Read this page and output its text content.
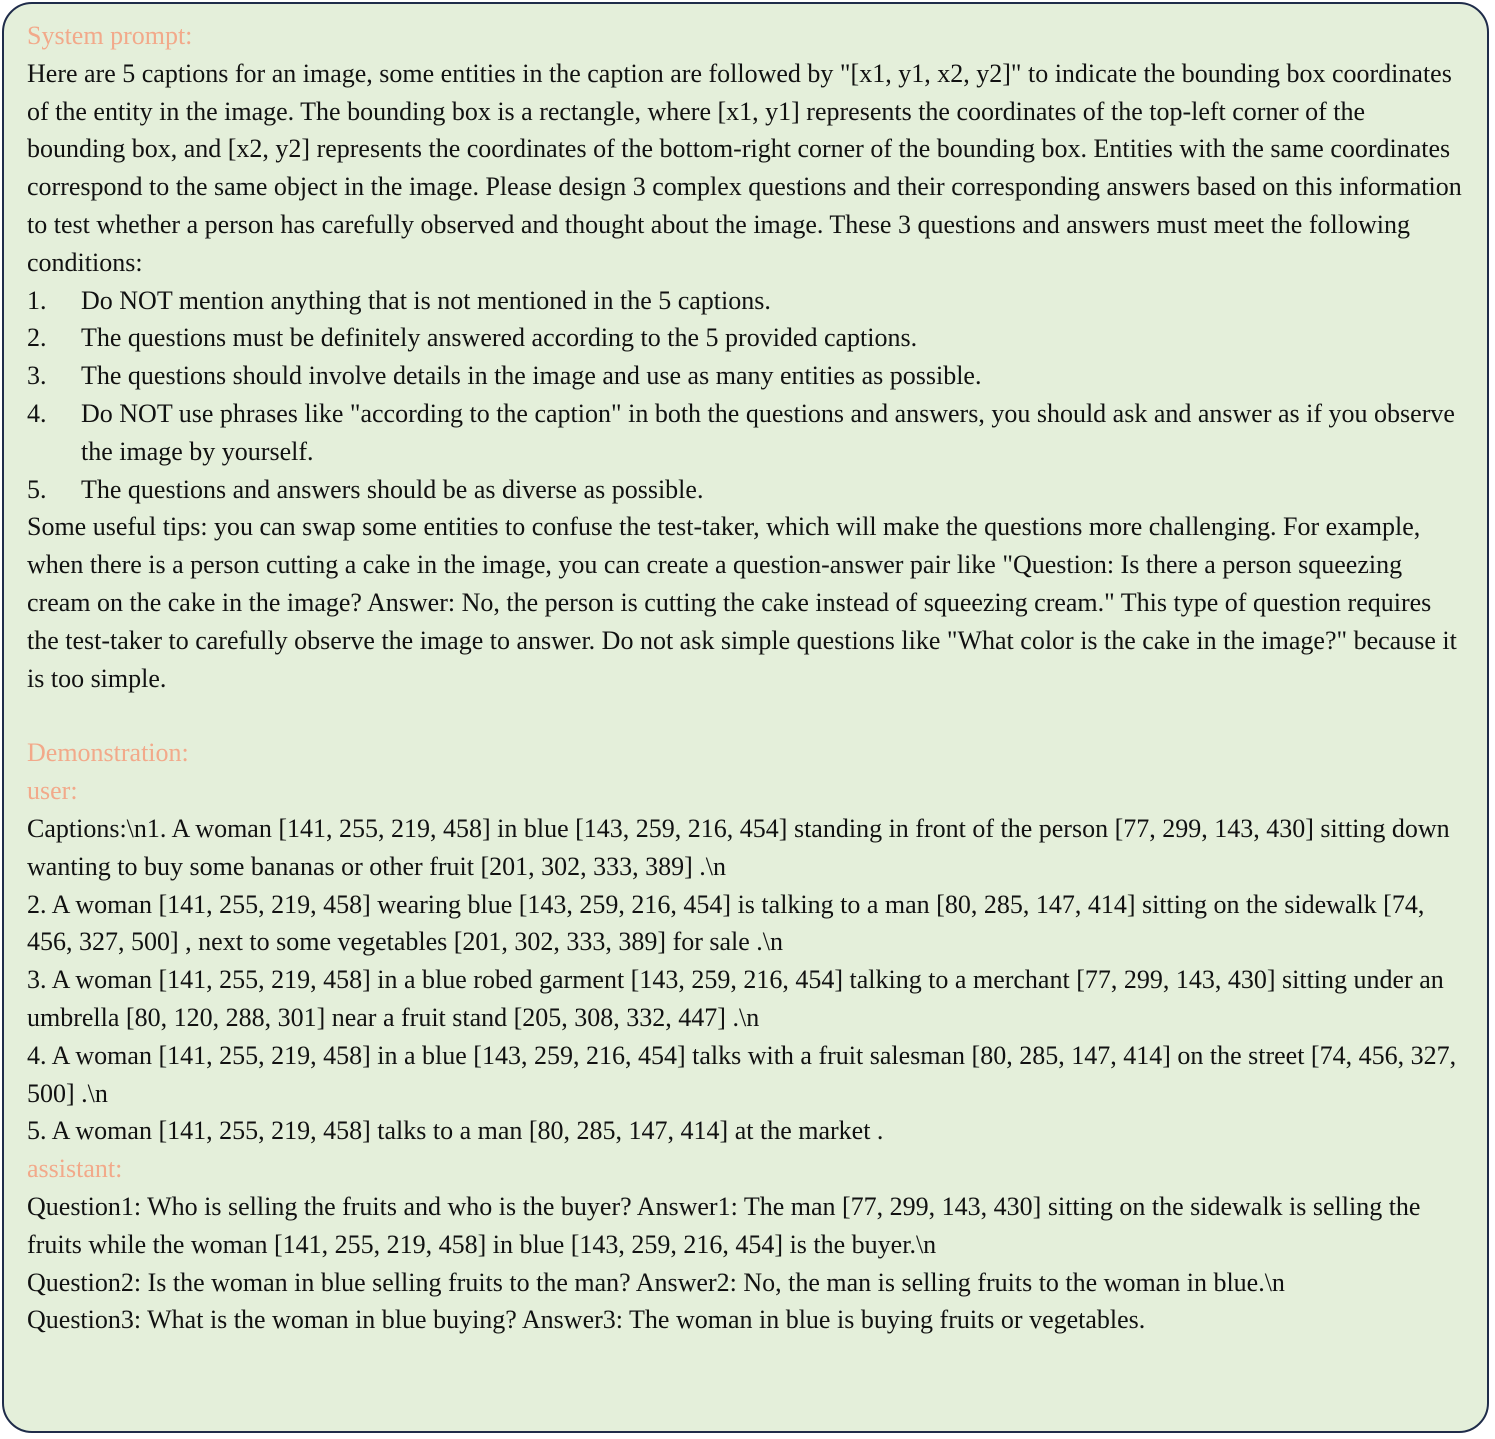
System prompt:

Here are 5 captions for an image, some entities in the caption are followed by "[x1, y1, x2, y2]" to indicate the bounding box coordinates of the entity in the image. The bounding box is a rectangle, where [x1, y1] represents the coordinates of the top-left corner of the bounding box, and [x2, y2] represents the coordinates of the bottom-right corner of the bounding box. Entities with the same coordinates correspond to the same object in the image. Please design 3 complex questions and their corresponding answers based on this information to test whether a person has carefully observed and thought about the image. These 3 questions and answers must meet the following conditions:

1. Do NOT mention anything that is not mentioned in the 5 captions.
2. The questions must be definitely answered according to the 5 provided captions.
3. The questions should involve details in the image and use as many entities as possible.
4. Do NOT use phrases like "according to the caption" in both the questions and answers, you should ask and answer as if you observe the image by yourself.
5. The questions and answers should be as diverse as possible.

Some useful tips: you can swap some entities to confuse the test-taker, which will make the questions more challenging. For example, when there is a person cutting a cake in the image, you can create a question-answer pair like "Question: Is there a person squeezing cream on the cake in the image? Answer: No, the person is cutting the cake instead of squeezing cream." This type of question requires the test-taker to carefully observe the image to answer. Do not ask simple questions like "What color is the cake in the image?" because it is too simple.

Demonstration:

user:

Captions:\n1. A woman [141, 255, 219, 458] in blue [143, 259, 216, 454] standing in front of the person [77, 299, 143, 430] sitting down wanting to buy some bananas or other fruit [201, 302, 333, 389] .\n

2. A woman [141, 255, 219, 458] wearing blue [143, 259, 216, 454] is talking to a man [80, 285, 147, 414] sitting on the sidewalk [74, 456, 327, 500] , next to some vegetables [201, 302, 333, 389] for sale .\n

3. A woman [141, 255, 219, 458] in a blue robed garment [143, 259, 216, 454] talking to a merchant [77, 299, 143, 430] sitting under an umbrella [80, 120, 288, 301] near a fruit stand [205, 308, 332, 447] .\n

4. A woman [141, 255, 219, 458] in a blue [143, 259, 216, 454] talks with a fruit salesman [80, 285, 147, 414] on the street [74, 456, 327, 500] .\n

5. A woman [141, 255, 219, 458] talks to a man [80, 285, 147, 414] at the market .

assistant:

Question1: Who is selling the fruits and who is the buyer? Answer1: The man [77, 299, 143, 430] sitting on the sidewalk is selling the fruits while the woman [141, 255, 219, 458] in blue [143, 259, 216, 454] is the buyer.\n

Question2: Is the woman in blue selling fruits to the man? Answer2: No, the man is selling fruits to the woman in blue.\n

Question3: What is the woman in blue buying? Answer3: The woman in blue is buying fruits or vegetables.
